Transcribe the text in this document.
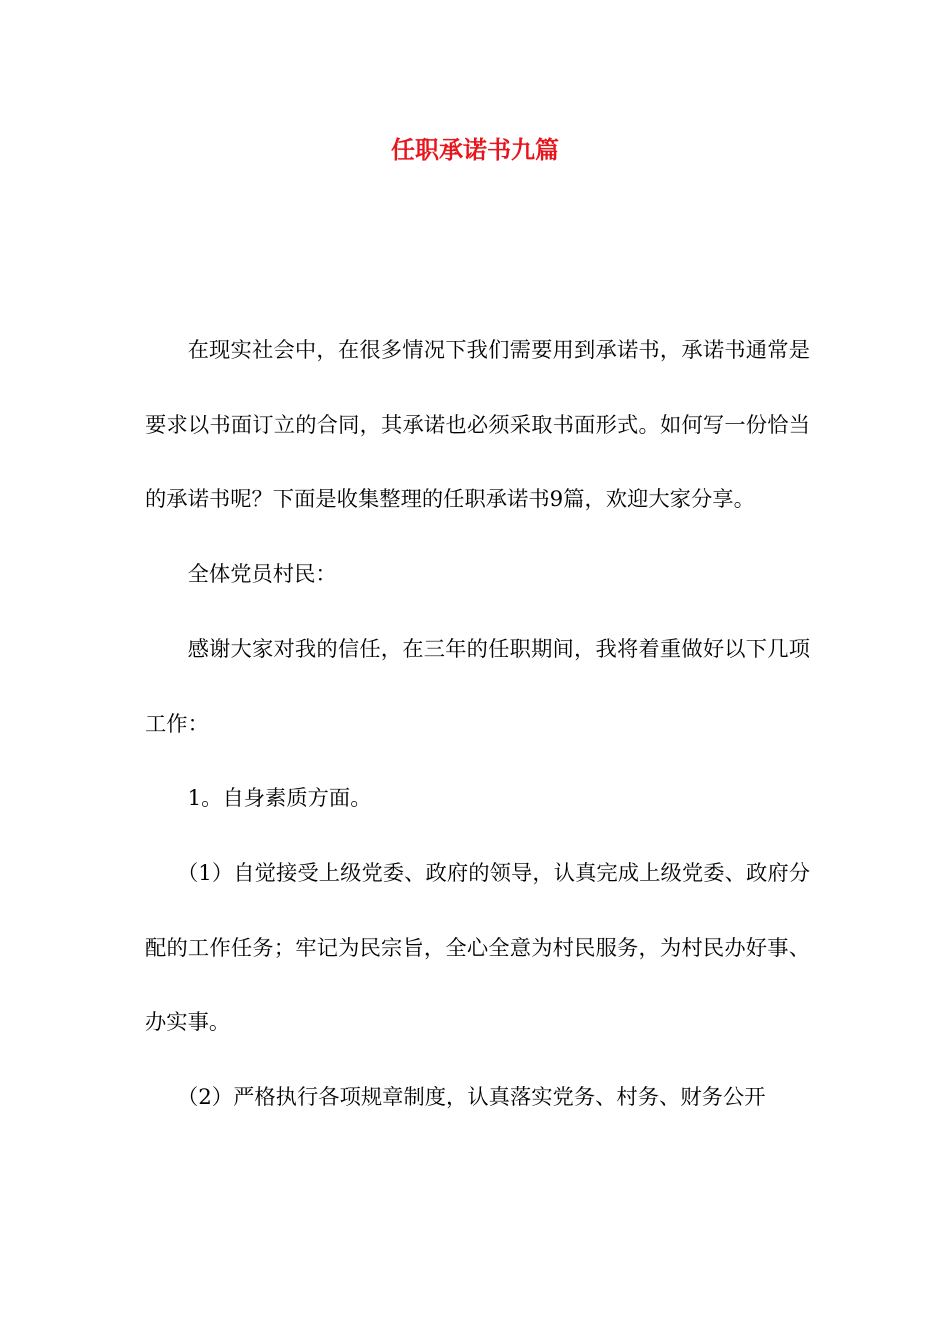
任职承诺书九篇

在现实社会中，在很多情况下我们需要用到承诺书，承诺书通常是要求以书面订立的合同，其承诺也必须采取书面形式。如何写一份恰当的承诺书呢？下面是收集整理的任职承诺书9篇，欢迎大家分享。

全体党员村民：

感谢大家对我的信任，在三年的任职期间，我将着重做好以下几项工作：

1。自身素质方面。

（1）自觉接受上级党委、政府的领导，认真完成上级党委、政府分配的工作任务；牢记为民宗旨，全心全意为村民服务，为村民办好事、办实事。

（2）严格执行各项规章制度，认真落实党务、村务、财务公开
